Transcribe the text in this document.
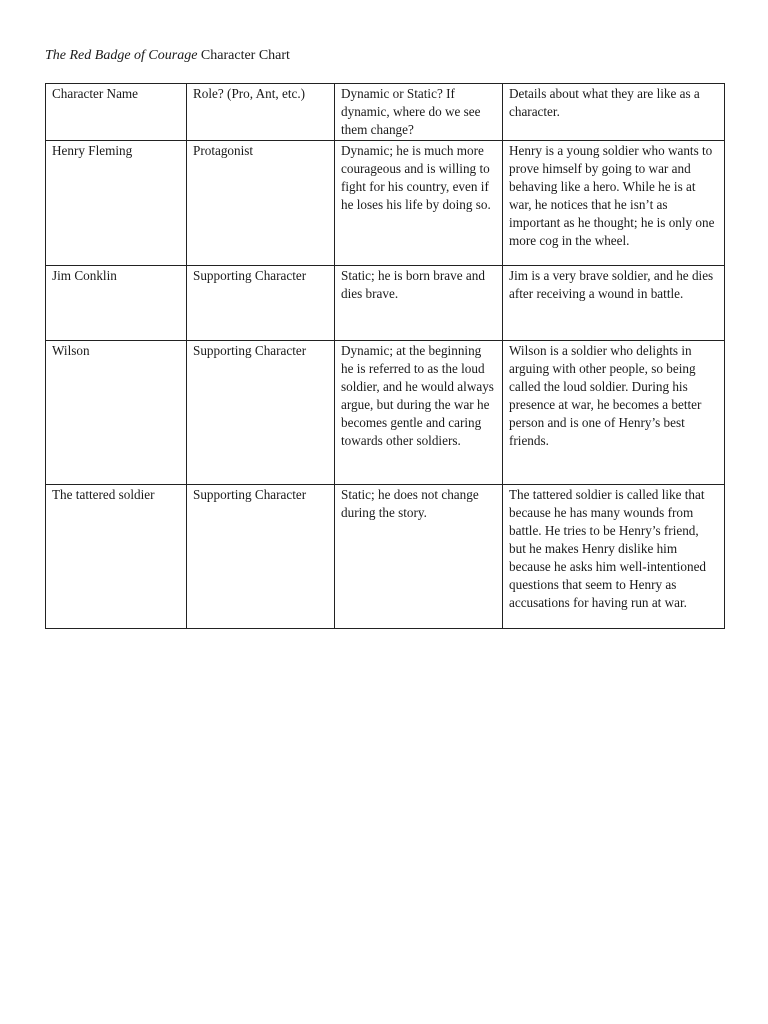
The Red Badge of Courage Character Chart
Character Name	Role? (Pro, Ant, etc.)	Dynamic or Static? If dynamic, where do we see them change?	Details about what they are like as a character.
Henry Fleming	Protagonist	Dynamic; he is much more courageous and is willing to fight for his country, even if he loses his life by doing so.	Henry is a young soldier who wants to prove himself by going to war and behaving like a hero. While he is at war, he notices that he isn’t as important as he thought; he is only one more cog in the wheel.
Jim Conklin	Supporting Character	Static; he is born brave and dies brave.	Jim is a very brave soldier, and he dies after receiving a wound in battle.
Wilson	Supporting Character	Dynamic; at the beginning he is referred to as the loud soldier, and he would always argue, but during the war he becomes gentle and caring towards other soldiers.	Wilson is a soldier who delights in arguing with other people, so being called the loud soldier. During his presence at war, he becomes a better person and is one of Henry’s best friends.
The tattered soldier	Supporting Character	Static; he does not change during the story.	The tattered soldier is called like that because he has many wounds from battle. He tries to be Henry’s friend, but he makes Henry dislike him because he asks him well-intentioned questions that seem to Henry as accusations for having run at war.
